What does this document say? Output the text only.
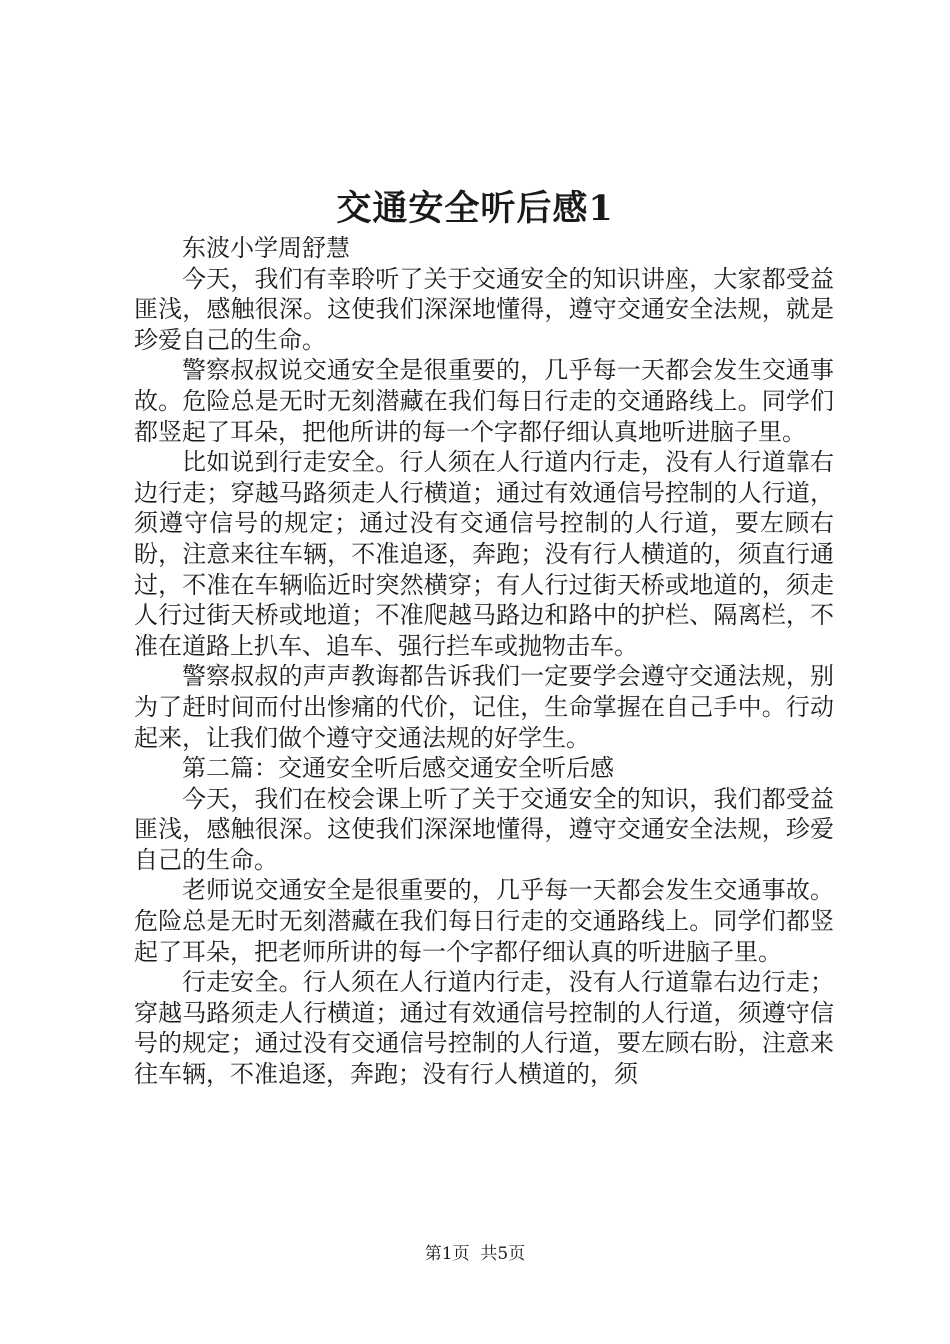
交通安全听后感1

东波小学周舒慧

今天，我们有幸聆听了关于交通安全的知识讲座，大家都受益匪浅，感触很深。这使我们深深地懂得，遵守交通安全法规，就是珍爱自己的生命。

警察叔叔说交通安全是很重要的，几乎每一天都会发生交通事故。危险总是无时无刻潜藏在我们每日行走的交通路线上。同学们都竖起了耳朵，把他所讲的每一个字都仔细认真地听进脑子里。

比如说到行走安全。行人须在人行道内行走，没有人行道靠右边行走；穿越马路须走人行横道；通过有效通信号控制的人行道，须遵守信号的规定；通过没有交通信号控制的人行道，要左顾右盼，注意来往车辆，不准追逐，奔跑；没有行人横道的，须直行通过，不准在车辆临近时突然横穿；有人行过街天桥或地道的，须走人行过街天桥或地道；不准爬越马路边和路中的护栏、隔离栏，不准在道路上扒车、追车、强行拦车或抛物击车。

警察叔叔的声声教诲都告诉我们一定要学会遵守交通法规，别为了赶时间而付出惨痛的代价，记住，生命掌握在自己手中。行动起来，让我们做个遵守交通法规的好学生。

第二篇：交通安全听后感交通安全听后感

今天，我们在校会课上听了关于交通安全的知识，我们都受益匪浅，感触很深。这使我们深深地懂得，遵守交通安全法规，珍爱自己的生命。

老师说交通安全是很重要的，几乎每一天都会发生交通事故。危险总是无时无刻潜藏在我们每日行走的交通路线上。同学们都竖起了耳朵，把老师所讲的每一个字都仔细认真的听进脑子里。

行走安全。行人须在人行道内行走，没有人行道靠右边行走；穿越马路须走人行横道；通过有效通信号控制的人行道，须遵守信号的规定；通过没有交通信号控制的人行道，要左顾右盼，注意来往车辆，不准追逐，奔跑；没有行人横道的，须

第1页  共5页
